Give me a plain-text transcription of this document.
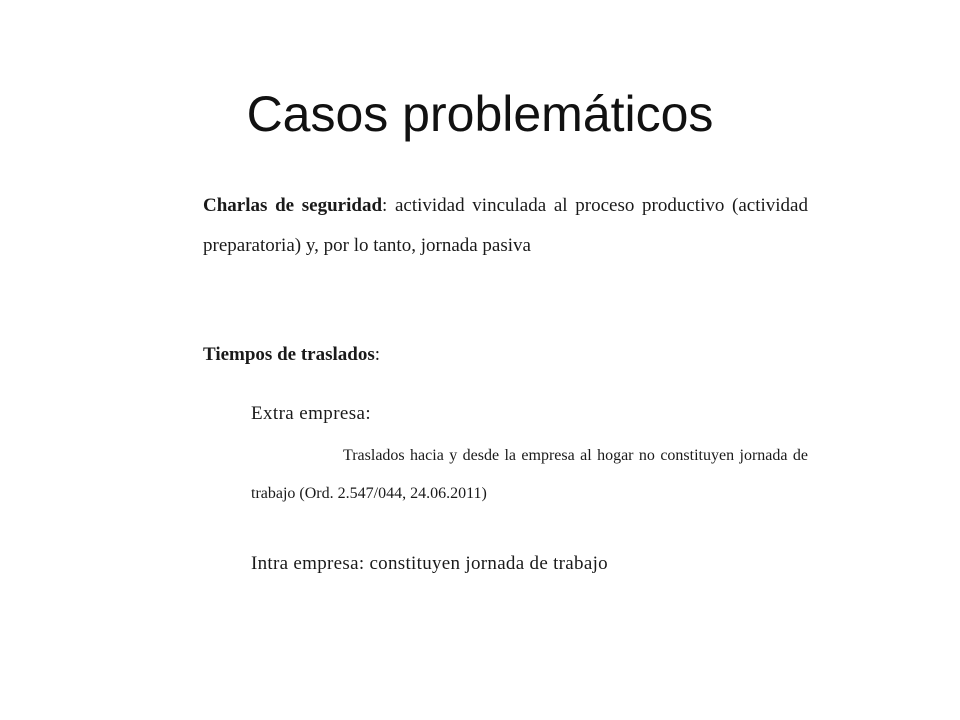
Casos problemáticos
Charlas de seguridad: actividad vinculada al proceso productivo (actividad preparatoria) y, por lo tanto, jornada pasiva
Tiempos de traslados:
Extra empresa:
Traslados hacia y desde la empresa al hogar no constituyen jornada de trabajo (Ord. 2.547/044, 24.06.2011)
Intra empresa: constituyen jornada de trabajo
